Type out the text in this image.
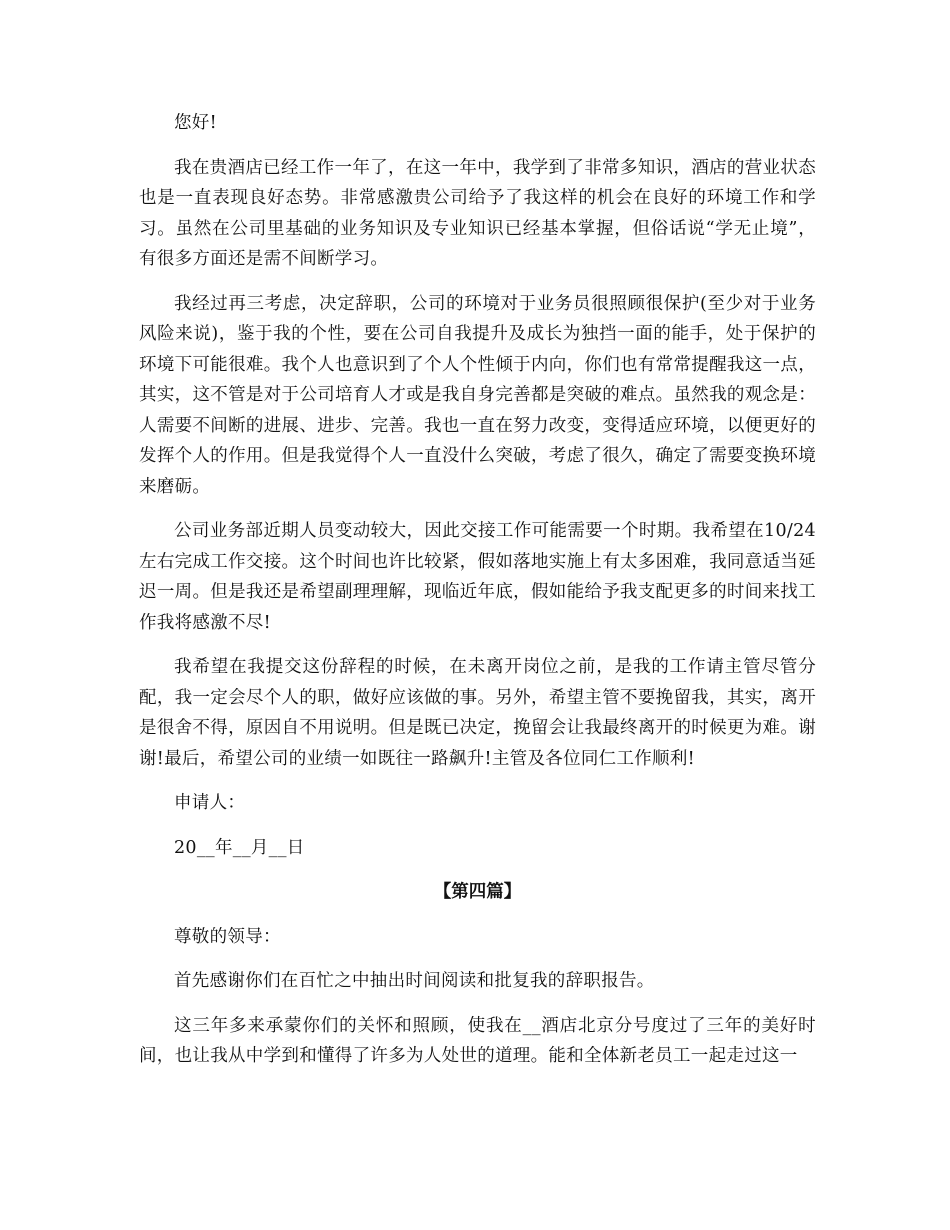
您好!

我在贵酒店已经工作一年了，在这一年中，我学到了非常多知识，酒店的营业状态也是一直表现良好态势。非常感激贵公司给予了我这样的机会在良好的环境工作和学习。虽然在公司里基础的业务知识及专业知识已经基本掌握，但俗话说“学无止境”，有很多方面还是需不间断学习。

我经过再三考虑，决定辞职，公司的环境对于业务员很照顾很保护(至少对于业务风险来说)，鉴于我的个性，要在公司自我提升及成长为独挡一面的能手，处于保护的环境下可能很难。我个人也意识到了个人个性倾于内向，你们也有常常提醒我这一点，其实，这不管是对于公司培育人才或是我自身完善都是突破的难点。虽然我的观念是：人需要不间断的进展、进步、完善。我也一直在努力改变，变得适应环境，以便更好的发挥个人的作用。但是我觉得个人一直没什么突破，考虑了很久，确定了需要变换环境来磨砺。

公司业务部近期人员变动较大，因此交接工作可能需要一个时期。我希望在10/24左右完成工作交接。这个时间也许比较紧，假如落地实施上有太多困难，我同意适当延迟一周。但是我还是希望副理理解，现临近年底，假如能给予我支配更多的时间来找工作我将感激不尽!

我希望在我提交这份辞程的时候，在未离开岗位之前，是我的工作请主管尽管分配，我一定会尽个人的职，做好应该做的事。另外，希望主管不要挽留我，其实，离开是很舍不得，原因自不用说明。但是既已决定，挽留会让我最终离开的时候更为难。谢谢!最后，希望公司的业绩一如既往一路飙升!主管及各位同仁工作顺利!

申请人：

20__年__月__日

【第四篇】

尊敬的领导：

首先感谢你们在百忙之中抽出时间阅读和批复我的辞职报告。

这三年多来承蒙你们的关怀和照顾，使我在__酒店北京分号度过了三年的美好时间，也让我从中学到和懂得了许多为人处世的道理。能和全体新老员工一起走过这一
